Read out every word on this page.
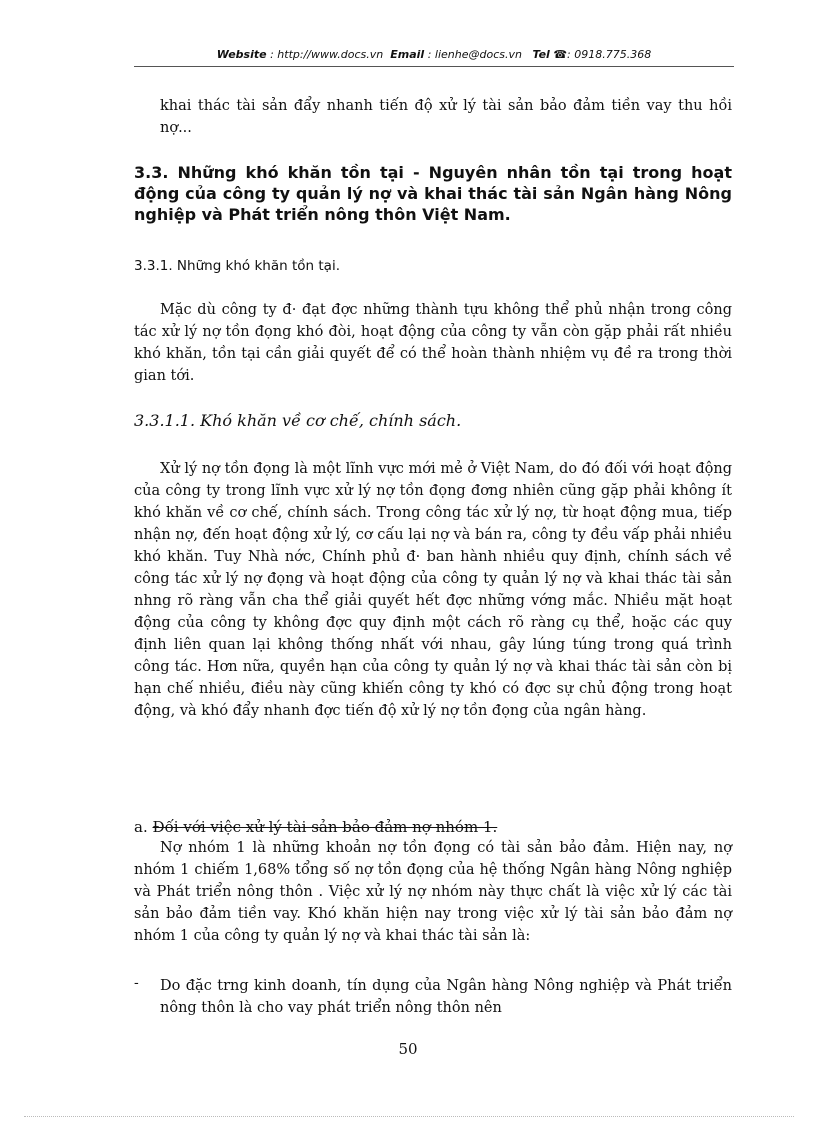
Website : http://www.docs.vn Email : lienhe@docs.vn Tel ☎: 0918.775.368
khai thác tài sản đẩy nhanh tiến độ xử lý tài sản bảo đảm tiền vay thu hồi nợ...
3.3. Những khó khăn tồn tại - Nguyên nhân tồn tại trong hoạt động của công ty quản lý nợ và khai thác tài sản Ngân hàng Nông nghiệp và Phát triển nông thôn Việt Nam.
3.3.1. Những khó khăn tồn tại.
Mặc dù công ty đ· đạt đợc những thành tựu không thể phủ nhận trong công tác xử lý nợ tồn đọng khó đòi, hoạt động của công ty vẫn còn gặp phải rất nhiều khó khăn, tồn tại cần giải quyết để có thể hoàn thành nhiệm vụ đề ra trong thời gian tới.
3.3.1.1. Khó khăn về cơ chế, chính sách.
Xử lý nợ tồn đọng là một lĩnh vực mới mẻ ở Việt Nam, do đó đối với hoạt động của công ty trong lĩnh vực xử lý nợ tồn đọng đơng nhiên cũng gặp phải không ít khó khăn về cơ chế, chính sách. Trong công tác xử lý nợ, từ hoạt động mua, tiếp nhận nợ, đến hoạt động xử lý, cơ cấu lại nợ và bán ra, công ty đều vấp phải nhiều khó khăn. Tuy Nhà nớc, Chính phủ đ· ban hành nhiều quy định, chính sách về công tác xử lý nợ đọng và hoạt động của công ty quản lý nợ và khai thác tài sản nhng rõ ràng vẫn cha thể giải quyết hết đợc những vớng mắc. Nhiều mặt hoạt động của công ty không đợc quy định một cách rõ ràng cụ thể, hoặc các quy định liên quan lại không thống nhất với nhau, gây lúng túng trong quá trình công tác. Hơn nữa, quyền hạn của công ty quản lý nợ và khai thác tài sản còn bị hạn chế nhiều, điều này cũng khiến công ty khó có đợc sự chủ động trong hoạt động, và khó đẩy nhanh đợc tiến độ xử lý nợ tồn đọng của ngân hàng.
a. Đối với việc xử lý tài sản bảo đảm nợ nhóm 1.
Nợ nhóm 1 là những khoản nợ tồn đọng có tài sản bảo đảm. Hiện nay, nợ nhóm 1 chiếm 1,68% tổng số nợ tồn đọng của hệ thống Ngân hàng Nông nghiệp và Phát triển nông thôn . Việc xử lý nợ nhóm này thực chất là việc xử lý các tài sản bảo đảm tiền vay. Khó khăn hiện nay trong việc xử lý tài sản bảo đảm nợ nhóm 1 của công ty quản lý nợ và khai thác tài sản là:
- Do đặc trng kinh doanh, tín dụng của Ngân hàng Nông nghiệp và Phát triển nông thôn là cho vay phát triển nông thôn nên
50
